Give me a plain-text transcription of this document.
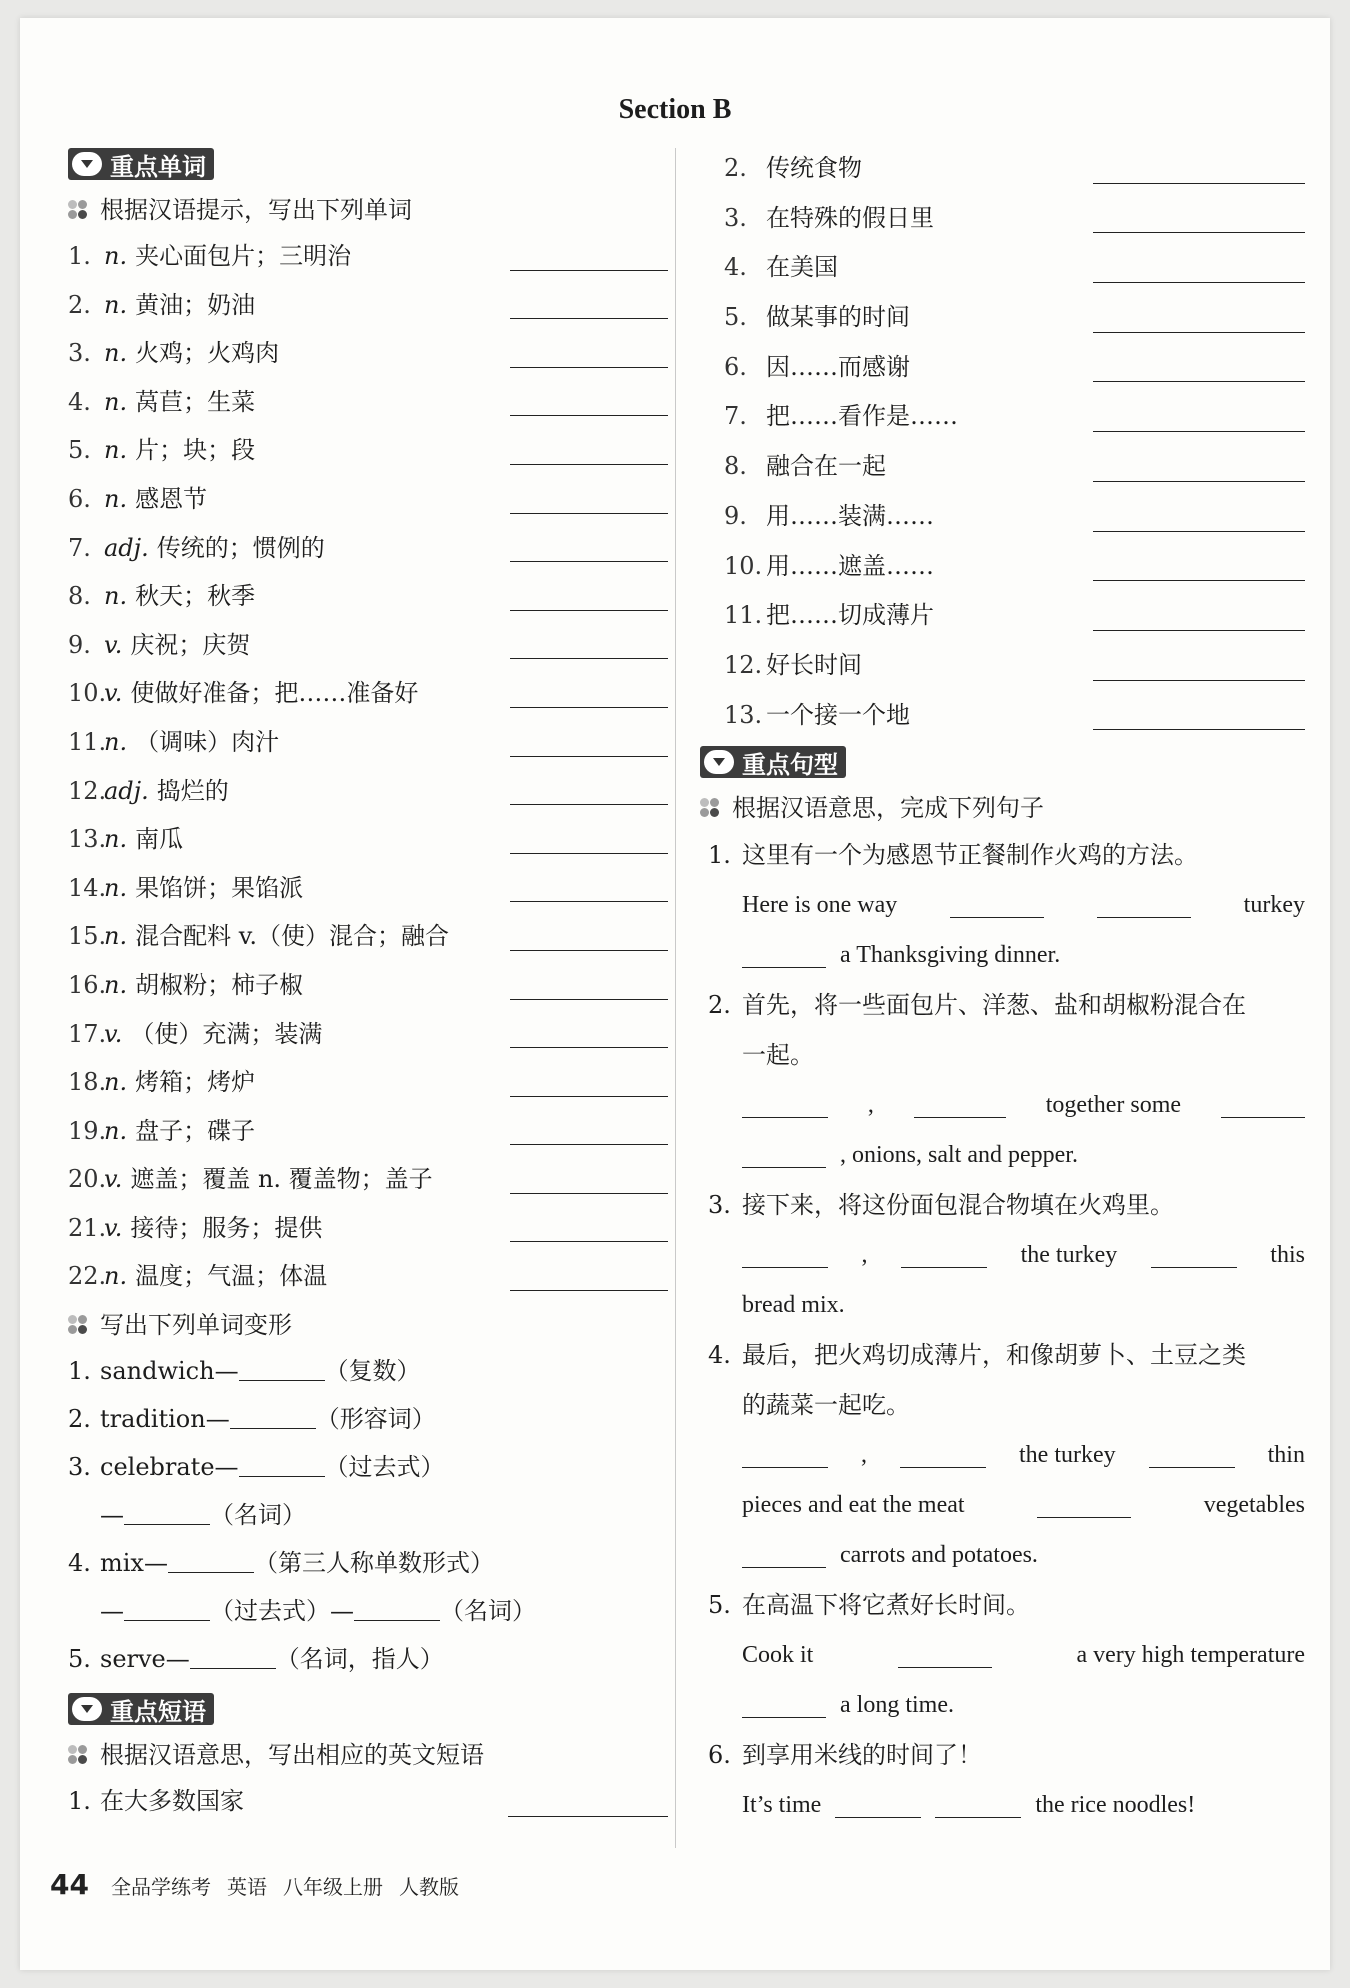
Section B
重点单词
根据汉语提示，写出下列单词
1. n. 夹心面包片；三明治
2. n. 黄油；奶油
3. n. 火鸡；火鸡肉
4. n. 莴苣；生菜
5. n. 片；块；段
6. n. 感恩节
7. adj. 传统的；惯例的
8. n. 秋天；秋季
9. v. 庆祝；庆贺
10.v. 使做好准备；把……准备好
11.n. （调味）肉汁
12.adj. 捣烂的
13.n. 南瓜
14.n. 果馅饼；果馅派
15.n. 混合配料 v.（使）混合；融合
16.n. 胡椒粉；柿子椒
17.v. （使）充满；装满
18.n. 烤箱；烤炉
19.n. 盘子；碟子
20.v. 遮盖；覆盖 n. 覆盖物；盖子
21.v. 接待；服务；提供
22.n. 温度；气温；体温
写出下列单词变形
1. sandwich—	（复数）
2. tradition—	（形容词）
3. celebrate—	（过去式）
—	（名词）
4. mix—	（第三人称单数形式）
—	（过去式）—	（名词）
5. serve—	（名词，指人）
重点短语
根据汉语意思，写出相应的英文短语
1. 在大多数国家
2. 传统食物
3. 在特殊的假日里
4. 在美国
5. 做某事的时间
6. 因……而感谢
7. 把……看作是……
8. 融合在一起
9. 用……装满……
10. 用……遮盖……
11. 把……切成薄片
12. 好长时间
13. 一个接一个地
重点句型
根据汉语意思，完成下列句子
1. 这里有一个为感恩节正餐制作火鸡的方法。
Here is one way	turkey
a Thanksgiving dinner.
2. 首先，将一些面包片、洋葱、盐和胡椒粉混合在
一起。
,	together some
, onions, salt and pepper.
3. 接下来，将这份面包混合物填在火鸡里。
,	the turkey	this
bread mix.
4. 最后，把火鸡切成薄片，和像胡萝卜、土豆之类
的蔬菜一起吃。
,	the turkey	thin
pieces and eat the meat	vegetables
carrots and potatoes.
5. 在高温下将它煮好长时间。
Cook it	a very high temperature
a long time.
6. 到享用米线的时间了！
It’s time	the rice noodles!
44 全品学练考 英语 八年级上册 人教版
